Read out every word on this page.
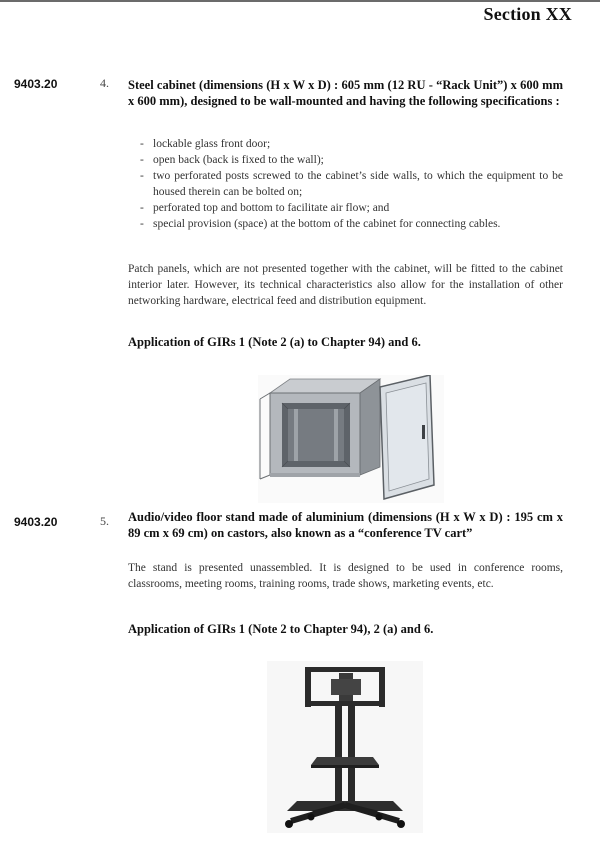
Section XX
9403.20	4. Steel cabinet (dimensions (H x W x D) : 605 mm (12 RU - “Rack Unit”) x 600 mm x 600 mm), designed to be wall-mounted and having the following specifications :
- lockable glass front door;
- open back (back is fixed to the wall);
- two perforated posts screwed to the cabinet’s side walls, to which the equipment to be housed therein can be bolted on;
- perforated top and bottom to facilitate air flow; and
- special provision (space) at the bottom of the cabinet for connecting cables.

Patch panels, which are not presented together with the cabinet, will be fitted to the cabinet interior later. However, its technical characteristics also allow for the installation of other networking hardware, electrical feed and distribution equipment.

Application of GIRs 1 (Note 2 (a) to Chapter 94) and 6.
9403.20	5. Audio/video floor stand made of aluminium (dimensions (H x W x D) : 195 cm x 89 cm x 69 cm) on castors, also known as a “conference TV cart”

The stand is presented unassembled. It is designed to be used in conference rooms, classrooms, meeting rooms, training rooms, trade shows, marketing events, etc.

Application of GIRs 1 (Note 2 to Chapter 94), 2 (a) and 6.
